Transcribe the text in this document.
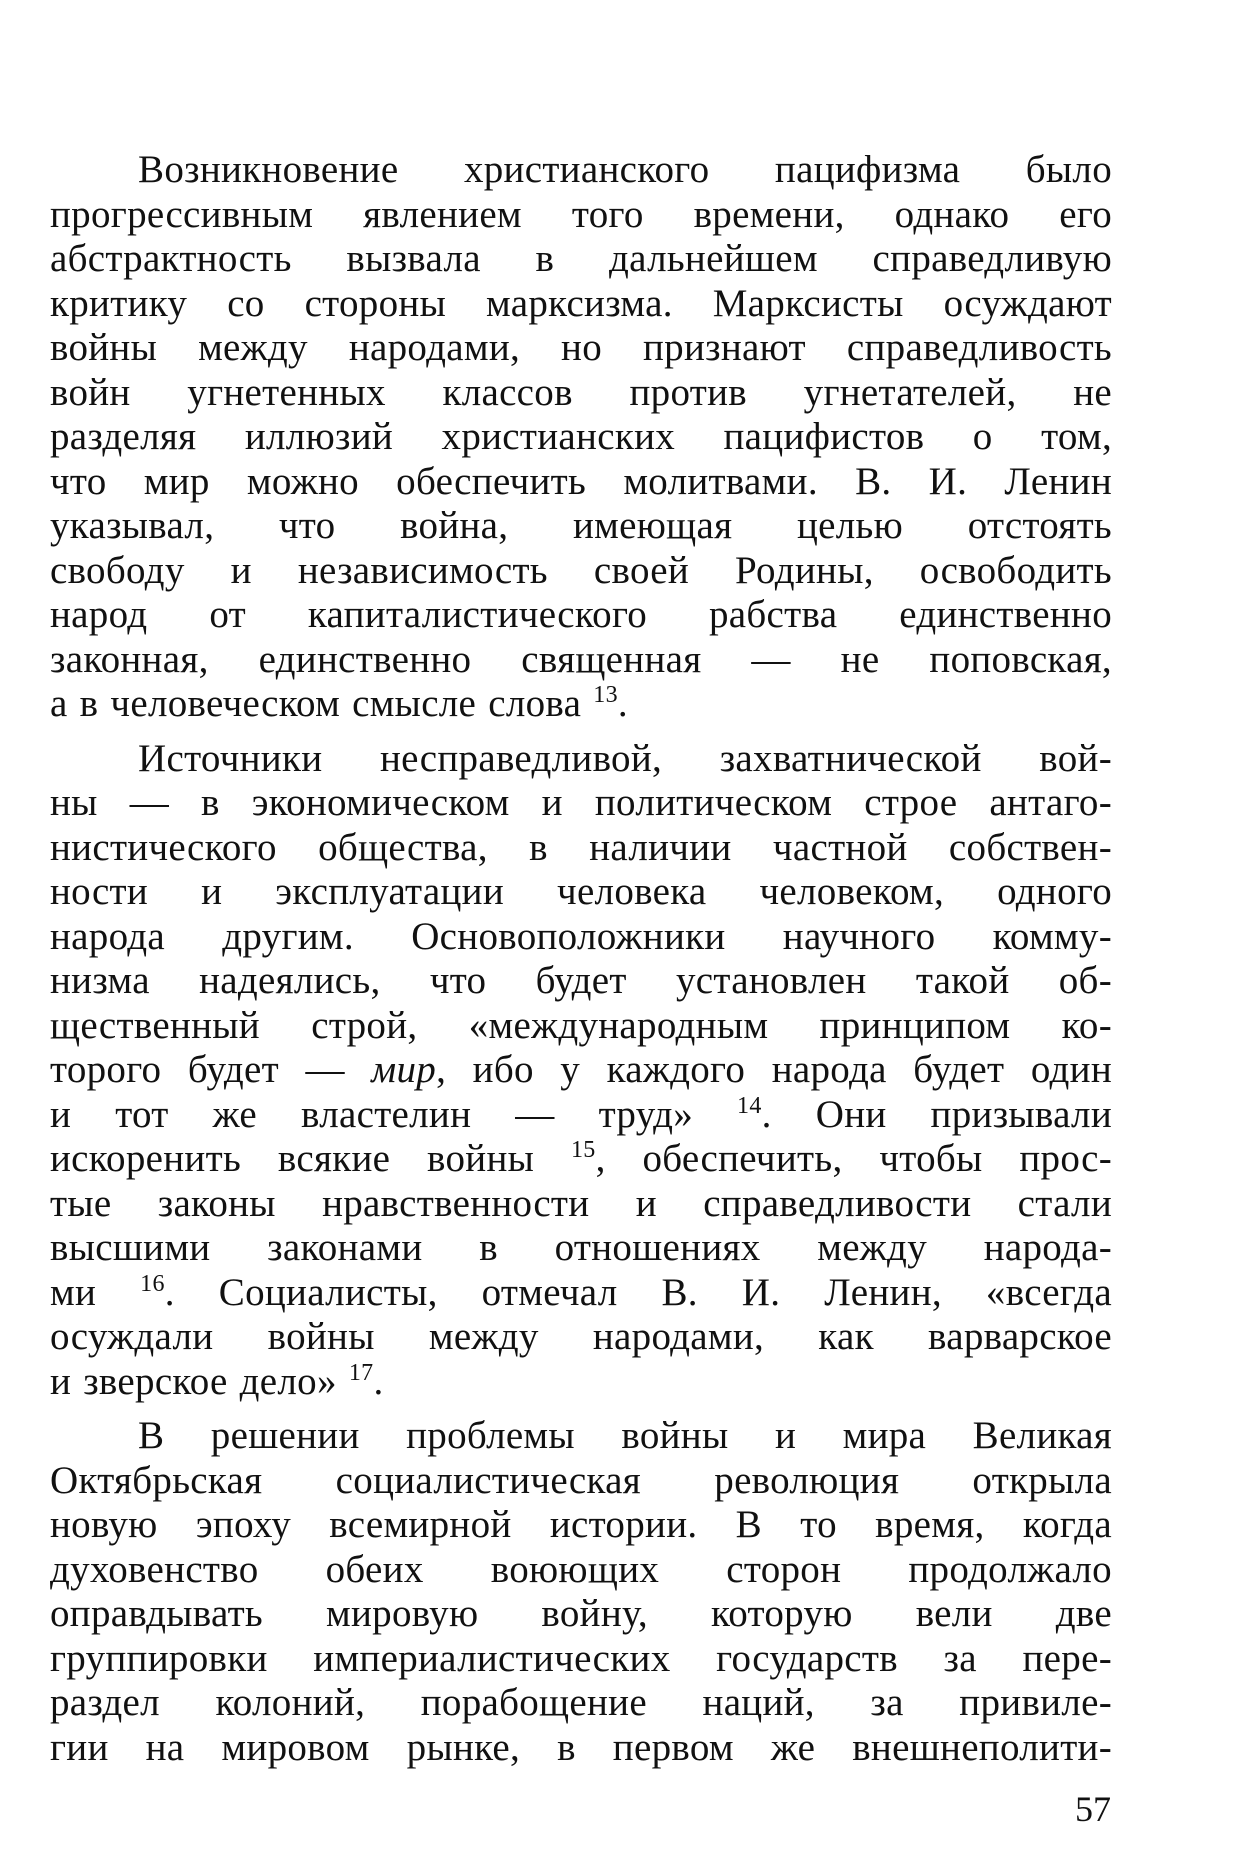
Возникновение христианского пацифизма было
прогрессивным явлением того времени, однако его
абстрактность вызвала в дальнейшем справедливую
критику со стороны марксизма. Марксисты осуждают
войны между народами, но признают справедливость
войн угнетенных классов против угнетателей, не
разделяя иллюзий христианских пацифистов о том,
что мир можно обеспечить молитвами. В. И. Ленин
указывал, что война, имеющая целью отстоять
свободу и независимость своей Родины, освободить
народ от капиталистического рабства единственно
законная, единственно священная — не поповская,
а в человеческом смысле слова $^{13}$.

Источники несправедливой, захватнической вой-
ны — в экономическом и политическом строе антаго-
нистического общества, в наличии частной собствен-
ности и эксплуатации человека человеком, одного
народа другим. Основоположники научного комму-
низма надеялись, что будет установлен такой об-
щественный строй, «международным принципом ко-
торого будет — мир, ибо у каждого народа будет один
и тот же властелин — труд» $^{14}$. Они призывали
искоренить всякие войны $^{15}$, обеспечить, чтобы прос-
тые законы нравственности и справедливости стали
высшими законами в отношениях между народа-
ми $^{16}$. Социалисты, отмечал В. И. Ленин, «всегда
осуждали войны между народами, как варварское
и зверское дело» $^{17}$.

В решении проблемы войны и мира Великая
Октябрьская социалистическая революция открыла
новую эпоху всемирной истории. В то время, когда
духовенство обеих воюющих сторон продолжало
оправдывать мировую войну, которую вели две
группировки империалистических государств за пере-
раздел колоний, порабощение наций, за привиле-
гии на мировом рынке, в первом же внешнеполити-

57
